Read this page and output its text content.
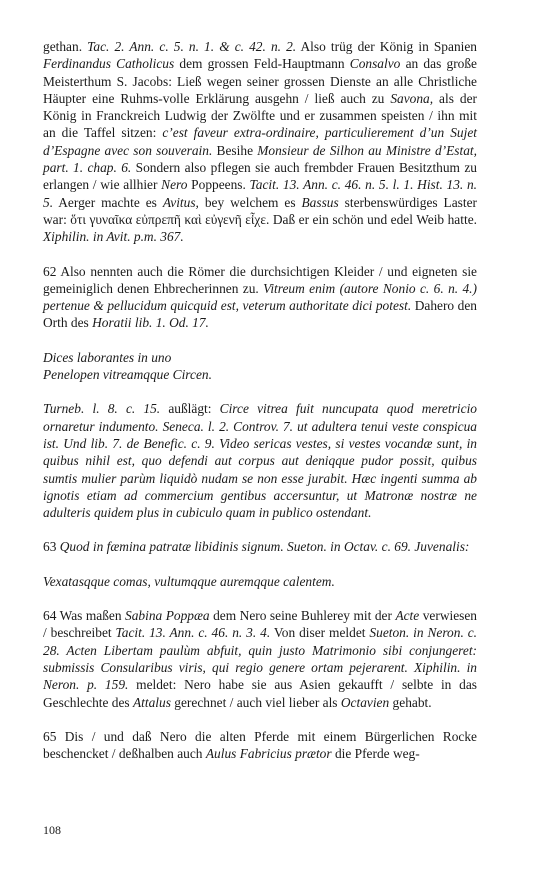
gethan. Tac. 2. Ann. c. 5. n. 1. & c. 42. n. 2. Also trüg der König in Spanien Ferdinandus Catholicus dem grossen Feld-Hauptmann Consalvo an das große Meisterthum S. Jacobs: Ließ wegen seiner grossen Dienste an alle Christliche Häupter eine Ruhms-volle Erklärung ausgehn / ließ auch zu Savona, als der König in Franckreich Ludwig der Zwölfte und er zusammen speisten / ihn mit an die Taffel sitzen: c’est faveur extra-ordinaire, particulierement d’un Sujet d’Espagne avec son souverain. Besihe Monsieur de Silhon au Ministre d’Estat, part. 1. chap. 6. Sondern also pflegen sie auch frembder Frauen Besitzthum zu erlangen / wie allhier Nero Poppeens. Tacit. 13. Ann. c. 46. n. 5. l. 1. Hist. 13. n. 5. Aerger machte es Avitus, bey welchem es Bassus sterbenswürdiges Laster war: ὅτι γυναῖκα εὐπρεπῆ καὶ εὐγενῆ εἶχε. Daß er ein schön und edel Weib hatte. Xiphilin. in Avit. p.m. 367.

62 Also nennten auch die Römer die durchsichtigen Kleider / und eigneten sie gemeiniglich denen Ehbrecherinnen zu. Vitreum enim (autore Nonio c. 6. n. 4.) pertenue & pellucidum quicquid est, veterum authoritate dici potest. Dahero den Orth des Horatii lib. 1. Od. 17.

Dices laborantes in uno
Penelopen vitreamqque Circen.

Turneb. l. 8. c. 15. außlägt: Circe vitrea fuit nuncupata quod meretricio ornaretur indumento. Seneca. l. 2. Controv. 7. ut adultera tenui veste conspicua ist. Und lib. 7. de Benefic. c. 9. Video sericas vestes, si vestes vocandæ sunt, in quibus nihil est, quo defendi aut corpus aut deniqque pudor possit, quibus sumtis mulier parùm liquidò nudam se non esse jurabit. Hæc ingenti summa ab ignotis etiam ad commercium gentibus accersuntur, ut Matronæ nostræ ne adulteris quidem plus in cubiculo quam in publico ostendant.

63 Quod in fæmina patratæ libidinis signum. Sueton. in Octav. c. 69. Juvenalis:

Vexatasqque comas, vultumqque auremqque calentem.

64 Was maßen Sabina Poppæa dem Nero seine Buhlerey mit der Acte verwiesen / beschreibet Tacit. 13. Ann. c. 46. n. 3. 4. Von diser meldet Sueton. in Neron. c. 28. Acten Libertam paulùm abfuit, quin justo Matrimonio sibi conjungeret: submissis Consularibus viris, qui regio genere ortam pejerarent. Xiphilin. in Neron. p. 159. meldet: Nero habe sie aus Asien gekaufft / selbte in das Geschlechte des Attalus gerechnet / auch viel lieber als Octavien gehabt.

65 Dis / und daß Nero die alten Pferde mit einem Bürgerlichen Rocke beschencket / deßhalben auch Aulus Fabricius prætor die Pferde weg-

108
